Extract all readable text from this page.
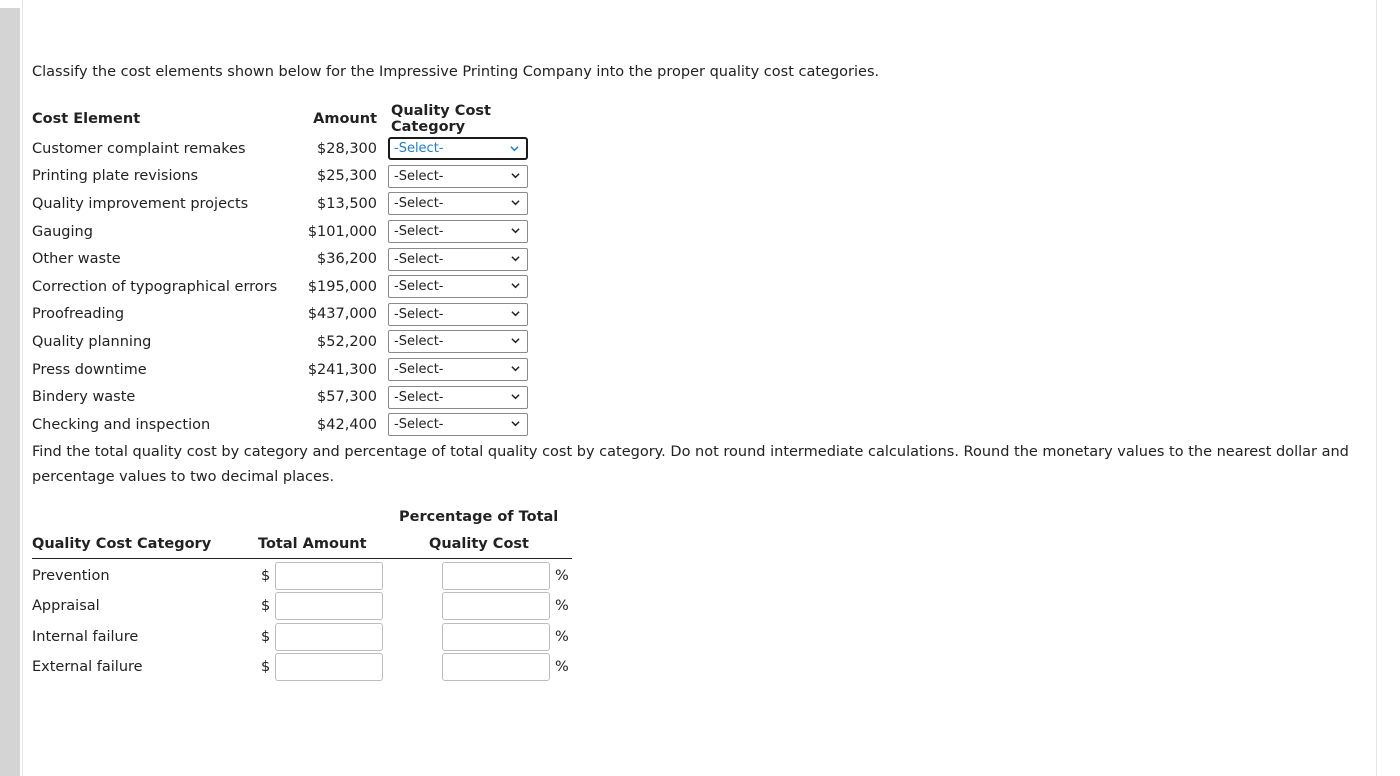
Classify the cost elements shown below for the Impressive Printing Company into the proper quality cost categories.
Cost Element	Amount	Quality Cost Category
Customer complaint remakes	$28,300	-Select-

Printing plate revisions	$25,300	-Select-

Quality improvement projects	$13,500	-Select-

Gauging	$101,000	-Select-

Other waste	$36,200	-Select-

Correction of typographical errors	$195,000	-Select-

Proofreading	$437,000	-Select-

Quality planning	$52,200	-Select-

Press downtime	$241,300	-Select-

Bindery waste	$57,300	-Select-

Checking and inspection	$42,400	-Select-
Find the total quality cost by category and percentage of total quality cost by category. Do not round intermediate calculations. Round the monetary values to the nearest dollar and percentage values to two decimal places.
Quality Cost Category	Total Amount
Percentage of Total
Quality Cost
Prevention	$	%
Appraisal	$	%
Internal failure	$	%
External failure	$	%
